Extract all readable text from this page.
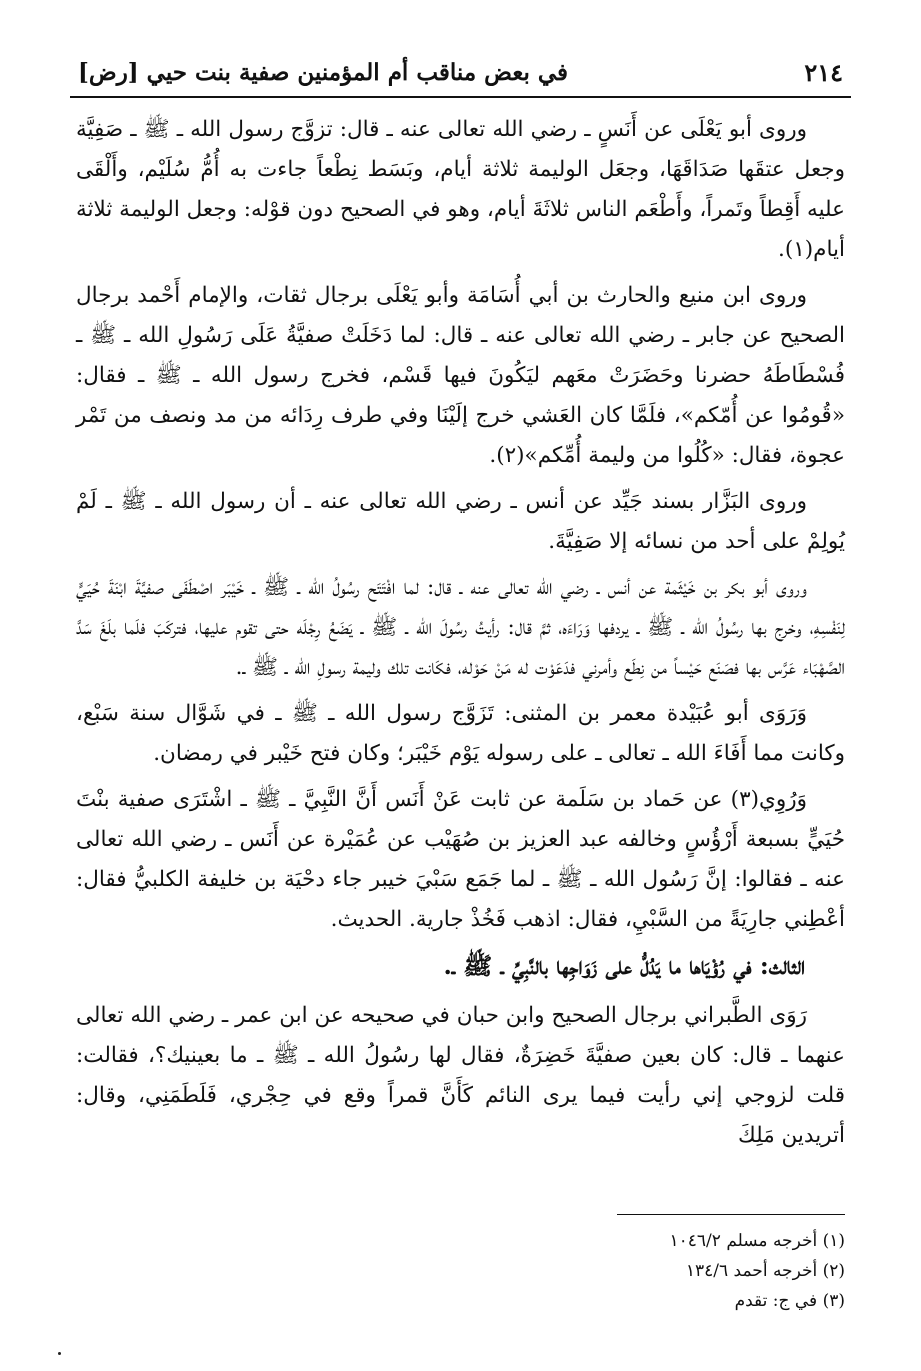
٢١٤
في بعض مناقب أم المؤمنين صفية بنت حيي [رض]

وروى أبو يَعْلَى عن أَنَسٍ ـ رضي الله تعالى عنه ـ قال: تزوَّج رسول الله ـ ﷺ ـ صَفِيَّة وجعل عتقَها صَدَاقَهَا، وجعَل الوليمة ثلاثة أيام، وبَسَط نِطْعاً جاءت به أُمُّ سُلَيْم، وأَلْقَى عليه أَقِطاً وتَمراً، وأَطْعَم الناس ثلاثَةَ أيام، وهو في الصحيح دون قوْله: وجعل الوليمة ثلاثة أيام(١).

وروى ابن منيع والحارث بن أبي أُسَامَة وأبو يَعْلَى برجال ثقات، والإمام أَحْمد برجال الصحيح عن جابر ـ رضي الله تعالى عنه ـ قال: لما دَخَلَتْ صفيَّةُ عَلَى رَسُولِ الله ـ ﷺ ـ فُسْطَاطَهُ حضرنا وحَضَرَتْ معَهم ليَكُونَ فيها قَسْم، فخرج رسول الله ـ ﷺ ـ فقال: «قُومُوا عن أُمّكم»، فلَمَّا كان العَشي خرج إلَيْنَا وفي طرف رِدَائه من مد ونصف من تَمْر عجوة، فقال: «كُلُوا من وليمة أُمِّكم»(٢).

وروى البَزَّار بسند جَيِّد عن أنس ـ رضي الله تعالى عنه ـ أن رسول الله ـ ﷺ ـ لَمْ يُولِمْ على أحد من نسائه إلا صَفِيَّةَ.

وروى أبو بكر بن خَيْثَمة عن أنس ـ رضي الله تعالى عنه ـ قال: لما افْتَتَح رسُولُ الله ـ ﷺ ـ خَيْبَر اصْطَفَى صفيَّةَ ابْنَةَ حُيَيٍّ لِنَفْسِهِ، وخرج بها رسُولُ الله ـ ﷺ ـ يردفها وَرَاءَه، ثمَّ قال: رأيتُ رسُولَ الله ـ ﷺ ـ يَضَعُ رِجْلَه حتى تقوم عليها، فتركَبَ فلَما بلَغَ سَدَّ الصَّهْبَاء عَرَّس بها فصَنَع حَيْساً من نِطَع وأمرني فدَعَوْت له مَنْ حَوْله، فكَانت تلك وليمة رسولِ الله ـ ﷺ ـ.

وَرَوَى أبو عُبَيْدة معمر بن المثنى: تَزَوَّج رسول الله ـ ﷺ ـ في شَوَّال سنة سَبْع، وكانت مما أَفَاءَ الله ـ تعالى ـ على رسوله يَوْم خَيْبَر؛ وكان فتح خَيْبر في رمضان.

وَرُوِي(٣) عن حَماد بن سَلَمة عن ثابت عَنْ أَنَس أَنَّ النَّبِيَّ ـ ﷺ ـ اشْتَرَى صفية بنْتَ حُيَيٍّ بسبعة أَرْؤُسٍ وخالفه عبد العزيز بن صُهَيْب عن عُمَيْرة عن أَنَس ـ رضي الله تعالى عنه ـ فقالوا: إنَّ رَسُول الله ـ ﷺ ـ لما جَمَع سَبْيَ خيبر جاء دحْيَة بن خليفة الكلبيُّ فقال: أعْطِني جارِيَةً من السَّبْيِ، فقال: اذهب فَخُذْ جارية. الحديث.

الثالث: في رُؤْيَاها ما يَدُلُّ على زَوَاجِها بالنَّبِيِّ ـ ﷺ ـ.

رَوَى الطَّبراني برجال الصحيح وابن حبان في صحيحه عن ابن عمر ـ رضي الله تعالى عنهما ـ قال: كان بعين صفيَّةَ خَضِرَةٌ، فقال لها رسُولُ الله ـ ﷺ ـ ما بعينيك؟، فقالت: قلت لزوجي إني رأيت فيما يرى النائم كَأَنَّ قمراً وقع في حِجْري، فَلَطَمَنِي، وقال: أتريدين مَلِكَ

(١) أخرجه مسلم ١٠٤٦/٢

(٢) أخرجه أحمد ١٣٤/٦

(٣) في ج: تقدم
